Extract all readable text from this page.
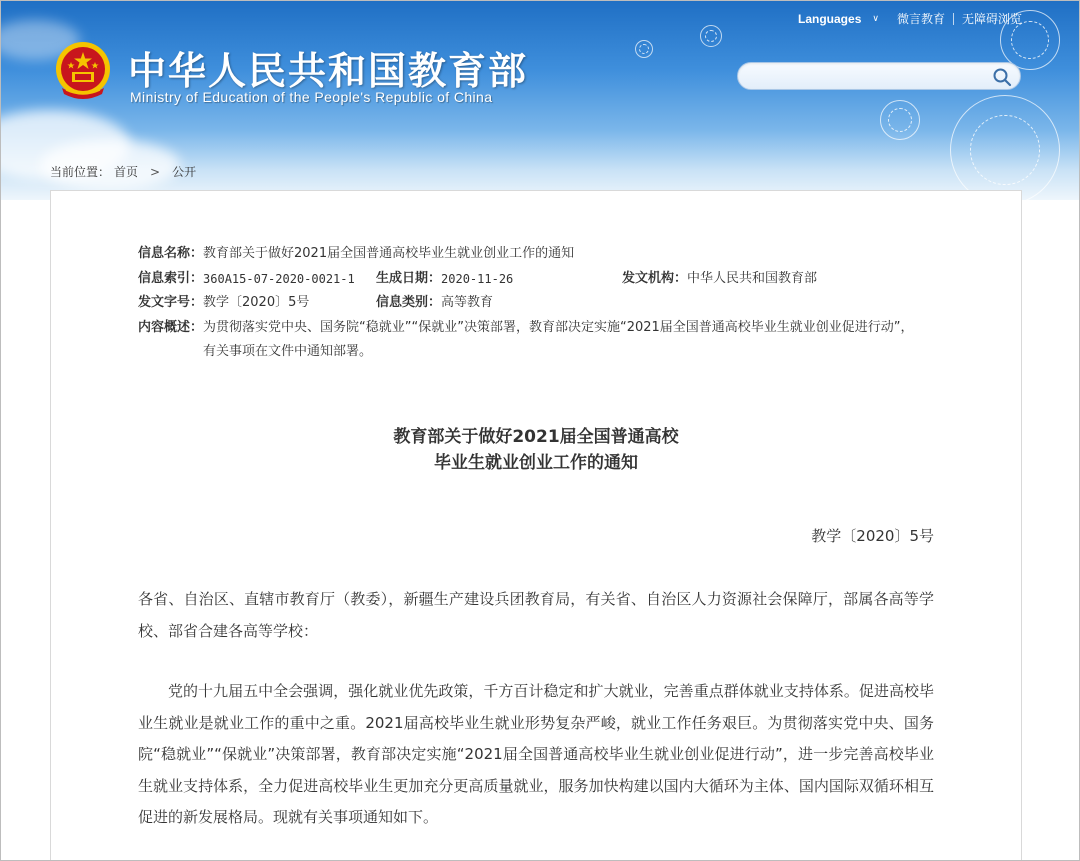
中华人民共和国教育部
Ministry of Education of the People's Republic of China
Languages ∨ 微言教育 无障碍浏览
当前位置： 首页 > 公开
信息名称： 教育部关于做好2021届全国普通高校毕业生就业创业工作的通知
信息索引： 360A15-07-2020-0021-1 生成日期： 2020-11-26	发文机构： 中华人民共和国教育部
发文字号： 教学〔2020〕5号	信息类别： 高等教育
内容概述： 为贯彻落实党中央、国务院“稳就业”“保就业”决策部署，教育部决定实施“2021届全国普通高校毕业生就业创业促进行动”，有关事项在文件中通知部署。
教育部关于做好2021届全国普通高校
毕业生就业创业工作的通知
教学〔2020〕5号
各省、自治区、直辖市教育厅（教委），新疆生产建设兵团教育局，有关省、自治区人力资源社会保障厅，部属各高等学校、部省合建各高等学校：
党的十九届五中全会强调，强化就业优先政策，千方百计稳定和扩大就业，完善重点群体就业支持体系。促进高校毕业生就业是就业工作的重中之重。2021届高校毕业生就业形势复杂严峻，就业工作任务艰巨。为贯彻落实党中央、国务院“稳就业”“保就业”决策部署，教育部决定实施“2021届全国普通高校毕业生就业创业促进行动”，进一步完善高校毕业生就业支持体系，全力促进高校毕业生更加充分更高质量就业，服务加快构建以国内大循环为主体、国内国际双循环相互促进的新发展格局。现就有关事项通知如下。
